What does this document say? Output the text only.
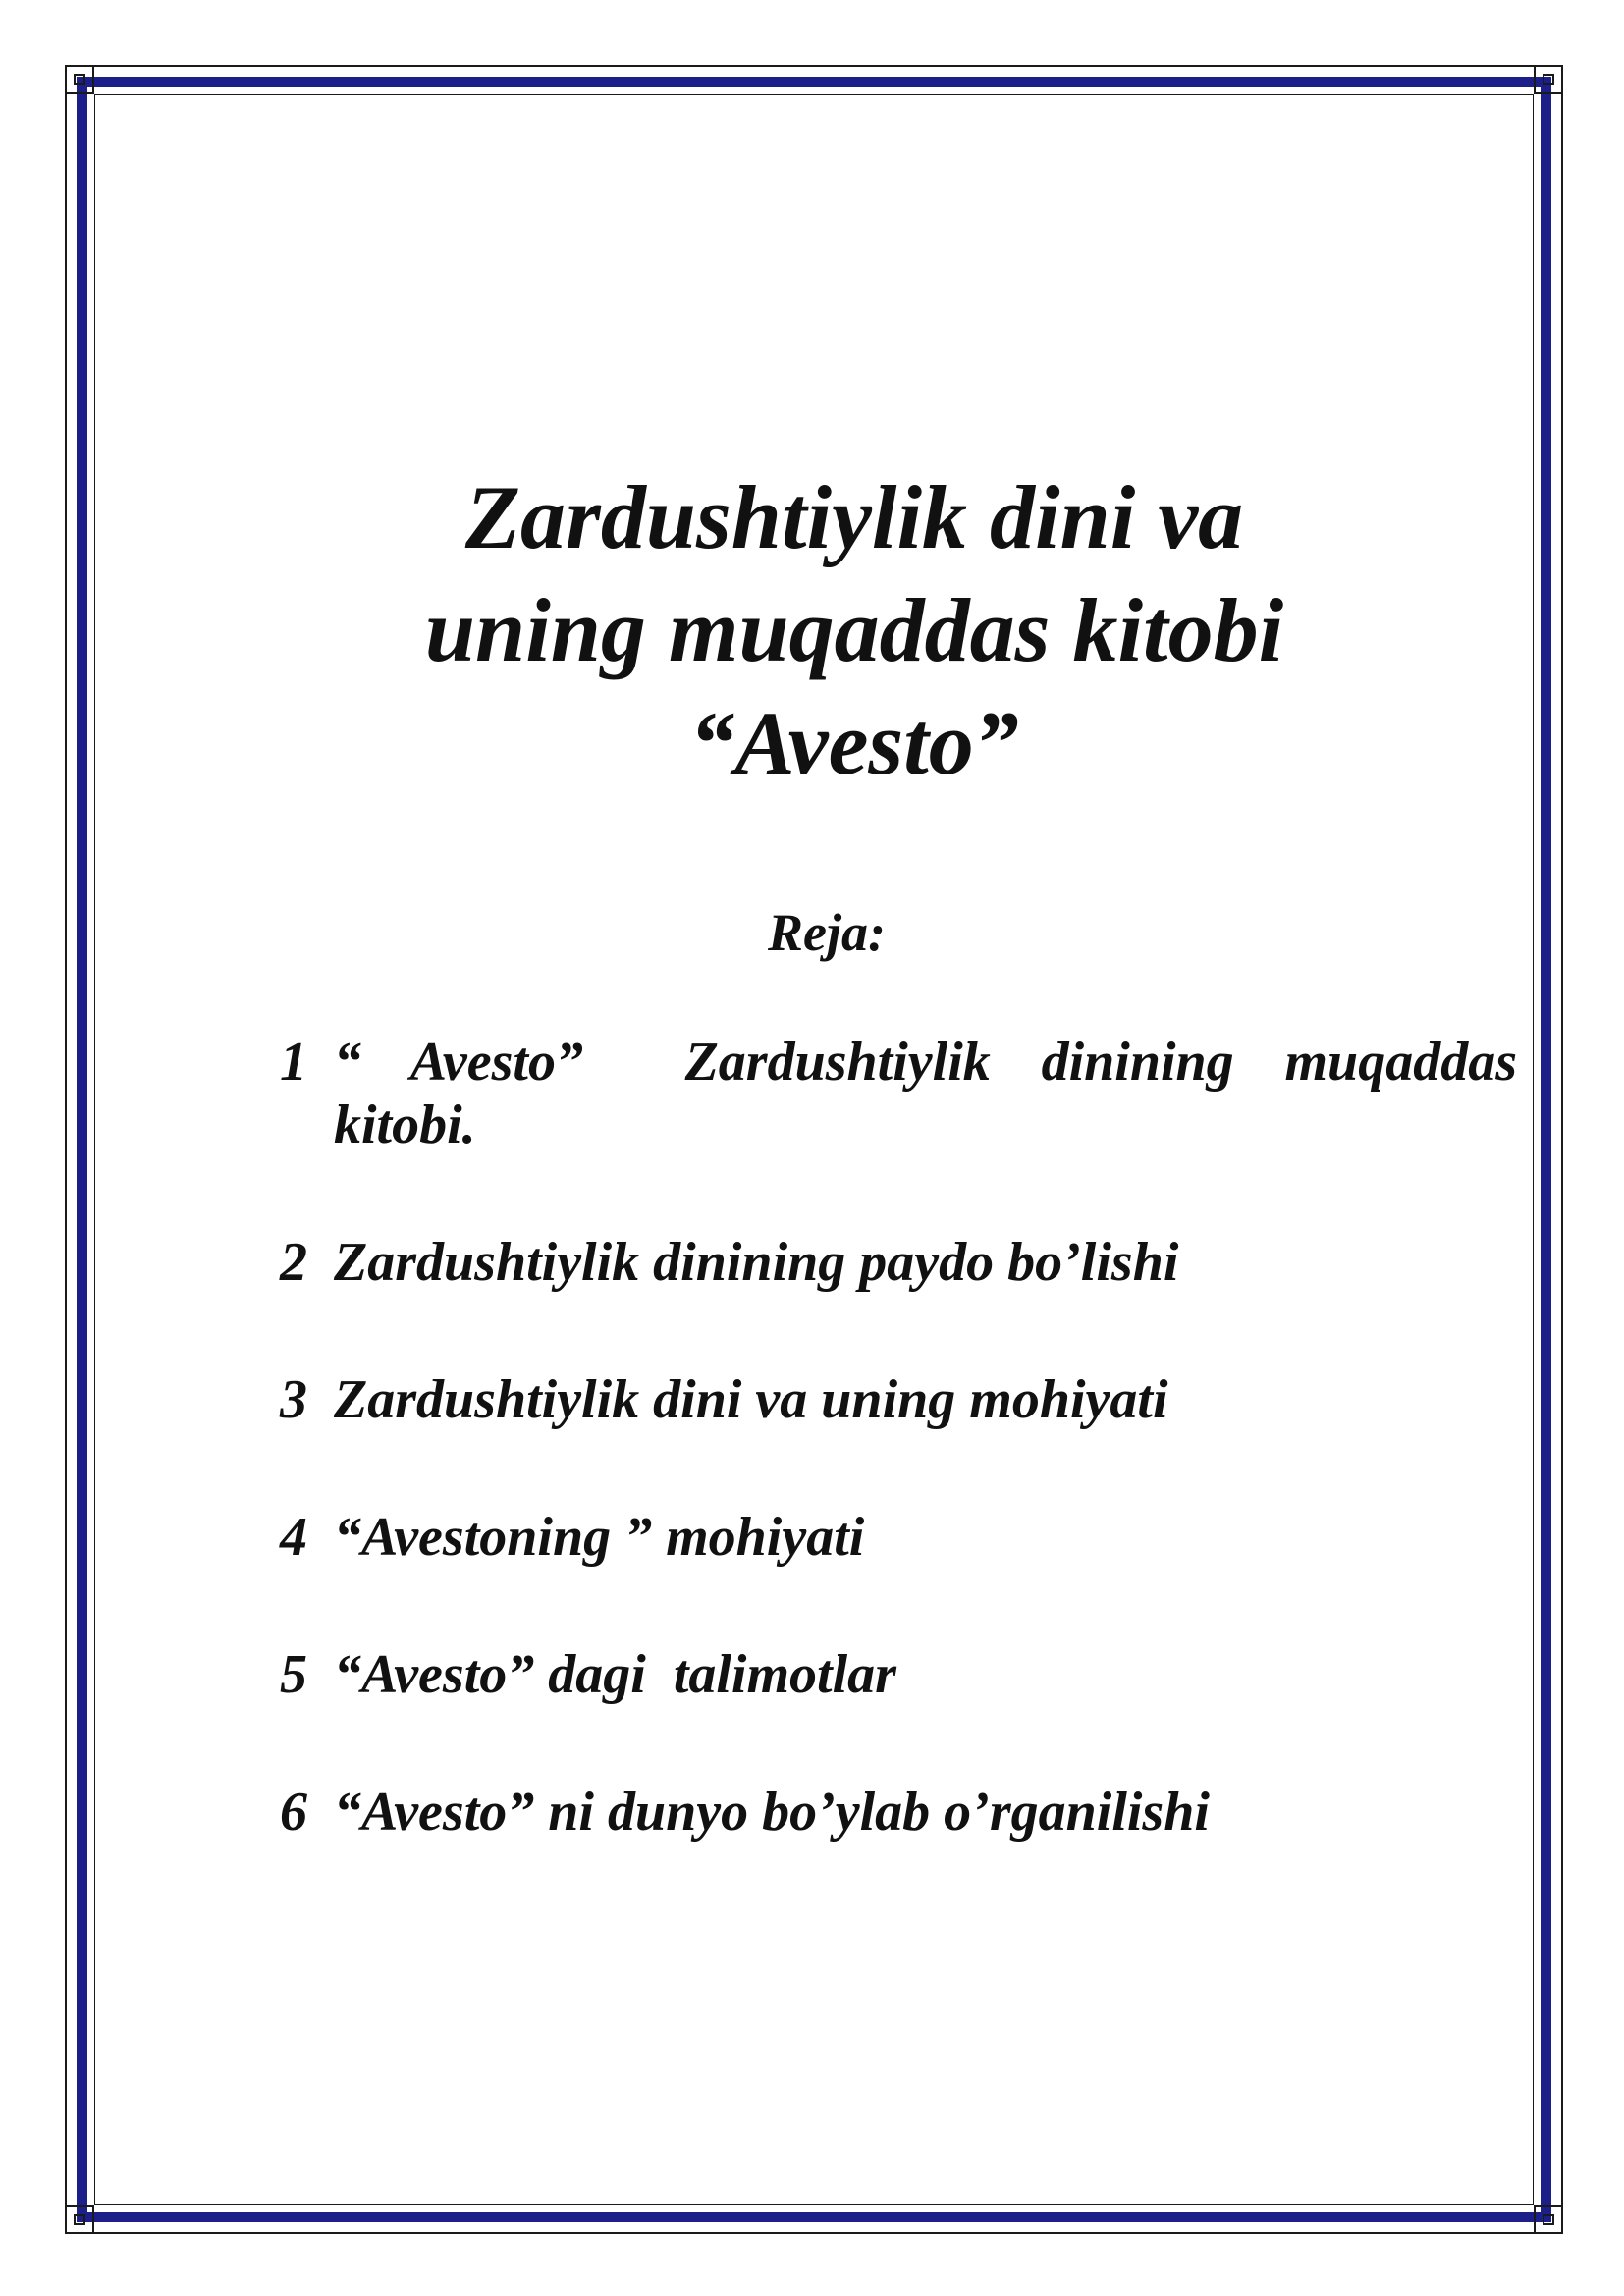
Zardushtiylik dini va
uning muqaddas kitobi
“Avesto”
Reja:
1 “ Avesto”  Zardushtiylik dinining muqaddas kitobi.
2 Zardushtiylik dinining paydo bo’lishi
3 Zardushtiylik dini va uning mohiyati
4 “Avestoning ” mohiyati
5 “Avesto” dagi  talimotlar
6 “Avesto” ni dunyo bo’ylab o’rganilishi
